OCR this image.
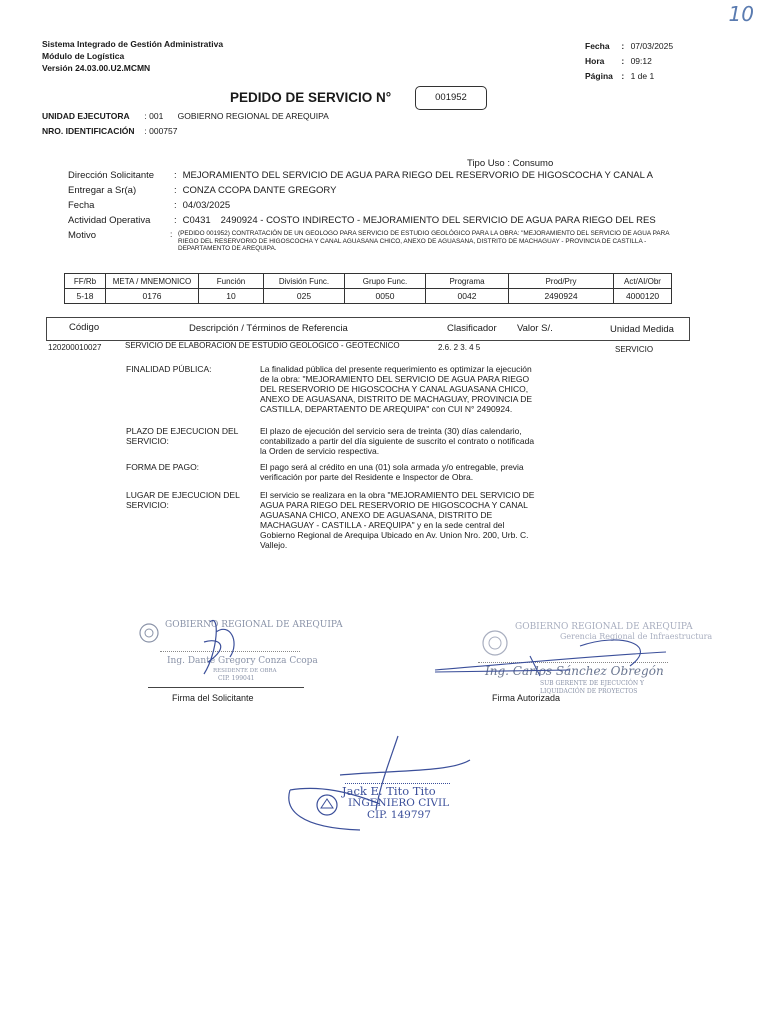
10
Sistema Integrado de Gestión Administrativa
Módulo de Logística
Versión 24.03.00.U2.MCMN
Fecha : 07/03/2025
Hora : 09:12
Página : 1 de 1
PEDIDO DE SERVICIO N°	001952
UNIDAD EJECUTORA : 001 GOBIERNO REGIONAL DE AREQUIPA
NRO. IDENTIFICACIÓN : 000757
Tipo Uso : Consumo
Dirección Solicitante : MEJORAMIENTO DEL SERVICIO DE AGUA PARA RIEGO DEL RESERVORIO DE HIGOSCOCHA Y CANAL A
Entregar a Sr(a)	: CONZA CCOPA DANTE GREGORY
Fecha	: 04/03/2025
Actividad Operativa : C0431 2490924 - COSTO INDIRECTO - MEJORAMIENTO DEL SERVICIO DE AGUA PARA RIEGO DEL RES
Motivo	: (PEDIDO 001952) CONTRATACIÓN DE UN GEOLOGO PARA SERVICIO DE ESTUDIO GEOLÓGICO PARA LA OBRA: "MEJORAMIENTO DEL SERVICIO DE AGUA PARA RIEGO DEL RESERVORIO DE HIGOSCOCHA Y CANAL AGUASANA CHICO, ANEXO DE AGUASANA, DISTRITO DE MACHAGUAY - PROVINCIA DE CASTILLA - DEPARTAMENTO DE AREQUIPA.
FF/Rb	META / MNEMONICO	Función	División Func.	Grupo Func.	Programa	Prod/Pry	Act/AI/Obr
5-18	0176	10	025	0050	0042	2490924	4000120
Código	Descripción / Términos de Referencia	Clasificador Valor S/.	Unidad Medida
120200010027	SERVICIO DE ELABORACION DE ESTUDIO GEOLOGICO - GEOTECNICO	2.6. 2 3. 4 5	SERVICIO
FINALIDAD PÚBLICA:	La finalidad pública del presente requerimiento es optimizar la ejecución de la obra: "MEJORAMIENTO DEL SERVICIO DE AGUA PARA RIEGO DEL RESERVORIO DE HIGOSCOCHA Y CANAL AGUASANA CHICO, ANEXO DE AGUASANA, DISTRITO DE MACHAGUAY, PROVINCIA DE CASTILLA, DEPARTAENTO DE AREQUIPA" con CUI N° 2490924.
PLAZO DE EJECUCION DEL SERVICIO:
El plazo de ejecución del servicio sera de treinta (30) días calendario, contabilizado a partir del día siguiente de suscrito el contrato o notificada la Orden de servicio respectiva.
FORMA DE PAGO:	El pago será al crédito en una (01) sola armada y/o entregable, previa verificación por parte del Residente e Inspector de Obra.
LUGAR DE EJECUCION DEL SERVICIO:
El servicio se realizara en la obra "MEJORAMIENTO DEL SERVICIO DE AGUA PARA RIEGO DEL RESERVORIO DE HIGOSCOCHA Y CANAL AGUASANA CHICO, ANEXO DE AGUASANA, DISTRITO DE MACHAGUAY - CASTILLA - AREQUIPA" y en la sede central del Gobierno Regional de Arequipa Ubicado en Av. Union Nro. 200, Urb. C. Vallejo.
GOBIERNO REGIONAL DE AREQUIPA
Ing. Dante Gregory Conza Ccopa
RESIDENTE DE OBRA
CIP. 199041
Firma del Solicitante
GOBIERNO REGIONAL DE AREQUIPA
Gerencia Regional de Infraestructura
Ing. Carlos Sánchez Obregón
SUB GERENTE DE EJECUCIÓN Y
LIQUIDACIÓN DE PROYECTOS
Firma Autorizada
Jack E. Tito Tito
INGENIERO CIVIL
CIP. 149797
